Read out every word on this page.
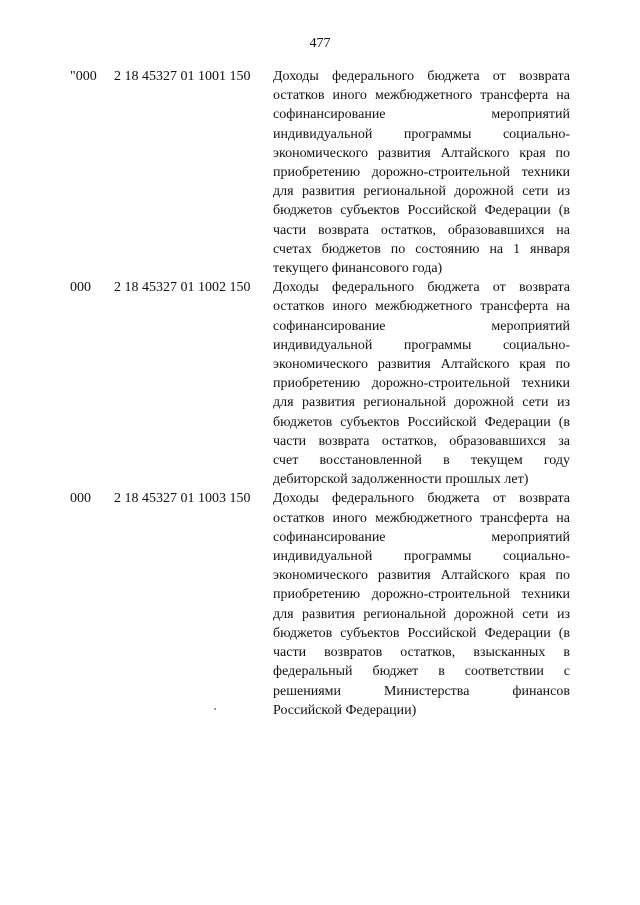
477
"000 2 18 45327 01 1001 150 Доходы федерального бюджета от возврата
остатков иного межбюджетного трансферта на
софинансирование мероприятий
индивидуальной программы социально-
экономического развития Алтайского края по
приобретению дорожно-строительной техники
для развития региональной дорожной сети из
бюджетов субъектов Российской Федерации (в
части возврата остатков, образовавшихся на
счетах бюджетов по состоянию на 1 января
текущего финансового года)
000 2 18 45327 01 1002 150 Доходы федерального бюджета от возврата
остатков иного межбюджетного трансферта на
софинансирование мероприятий
индивидуальной программы социально-
экономического развития Алтайского края по
приобретению дорожно-строительной техники
для развития региональной дорожной сети из
бюджетов субъектов Российской Федерации (в
части возврата остатков, образовавшихся за
счет восстановленной в текущем году
дебиторской задолженности прошлых лет)
000 2 18 45327 01 1003 150 Доходы федерального бюджета от возврата
остатков иного межбюджетного трансферта на
софинансирование мероприятий
индивидуальной программы социально-
экономического развития Алтайского края по
приобретению дорожно-строительной техники
для развития региональной дорожной сети из
бюджетов субъектов Российской Федерации (в
части возвратов остатков, взысканных в
федеральный бюджет в соответствии с
решениями Министерства финансов
Российской Федерации)
